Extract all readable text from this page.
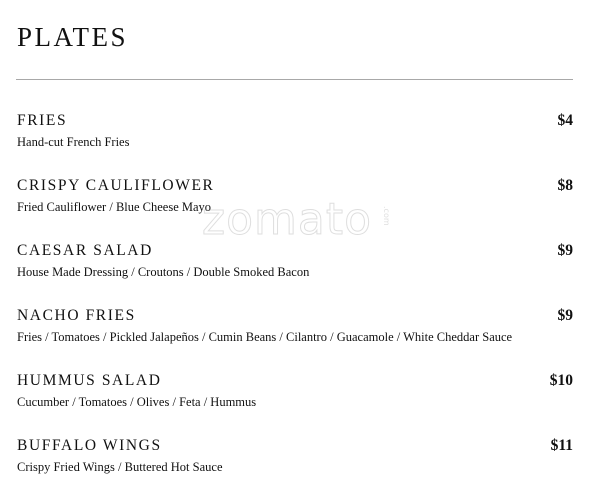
PLATES
FRIES	$4
Hand-cut French Fries
CRISPY CAULIFLOWER	$8
Fried Cauliflower / Blue Cheese Mayo
CAESAR SALAD	$9
House Made Dressing / Croutons / Double Smoked Bacon
NACHO FRIES	$9
Fries / Tomatoes / Pickled Jalapeños / Cumin Beans / Cilantro / Guacamole / White Cheddar Sauce
HUMMUS SALAD	$10
Cucumber / Tomatoes / Olives / Feta / Hummus
BUFFALO WINGS	$11
Crispy Fried Wings / Buttered Hot Sauce
zomato .com
